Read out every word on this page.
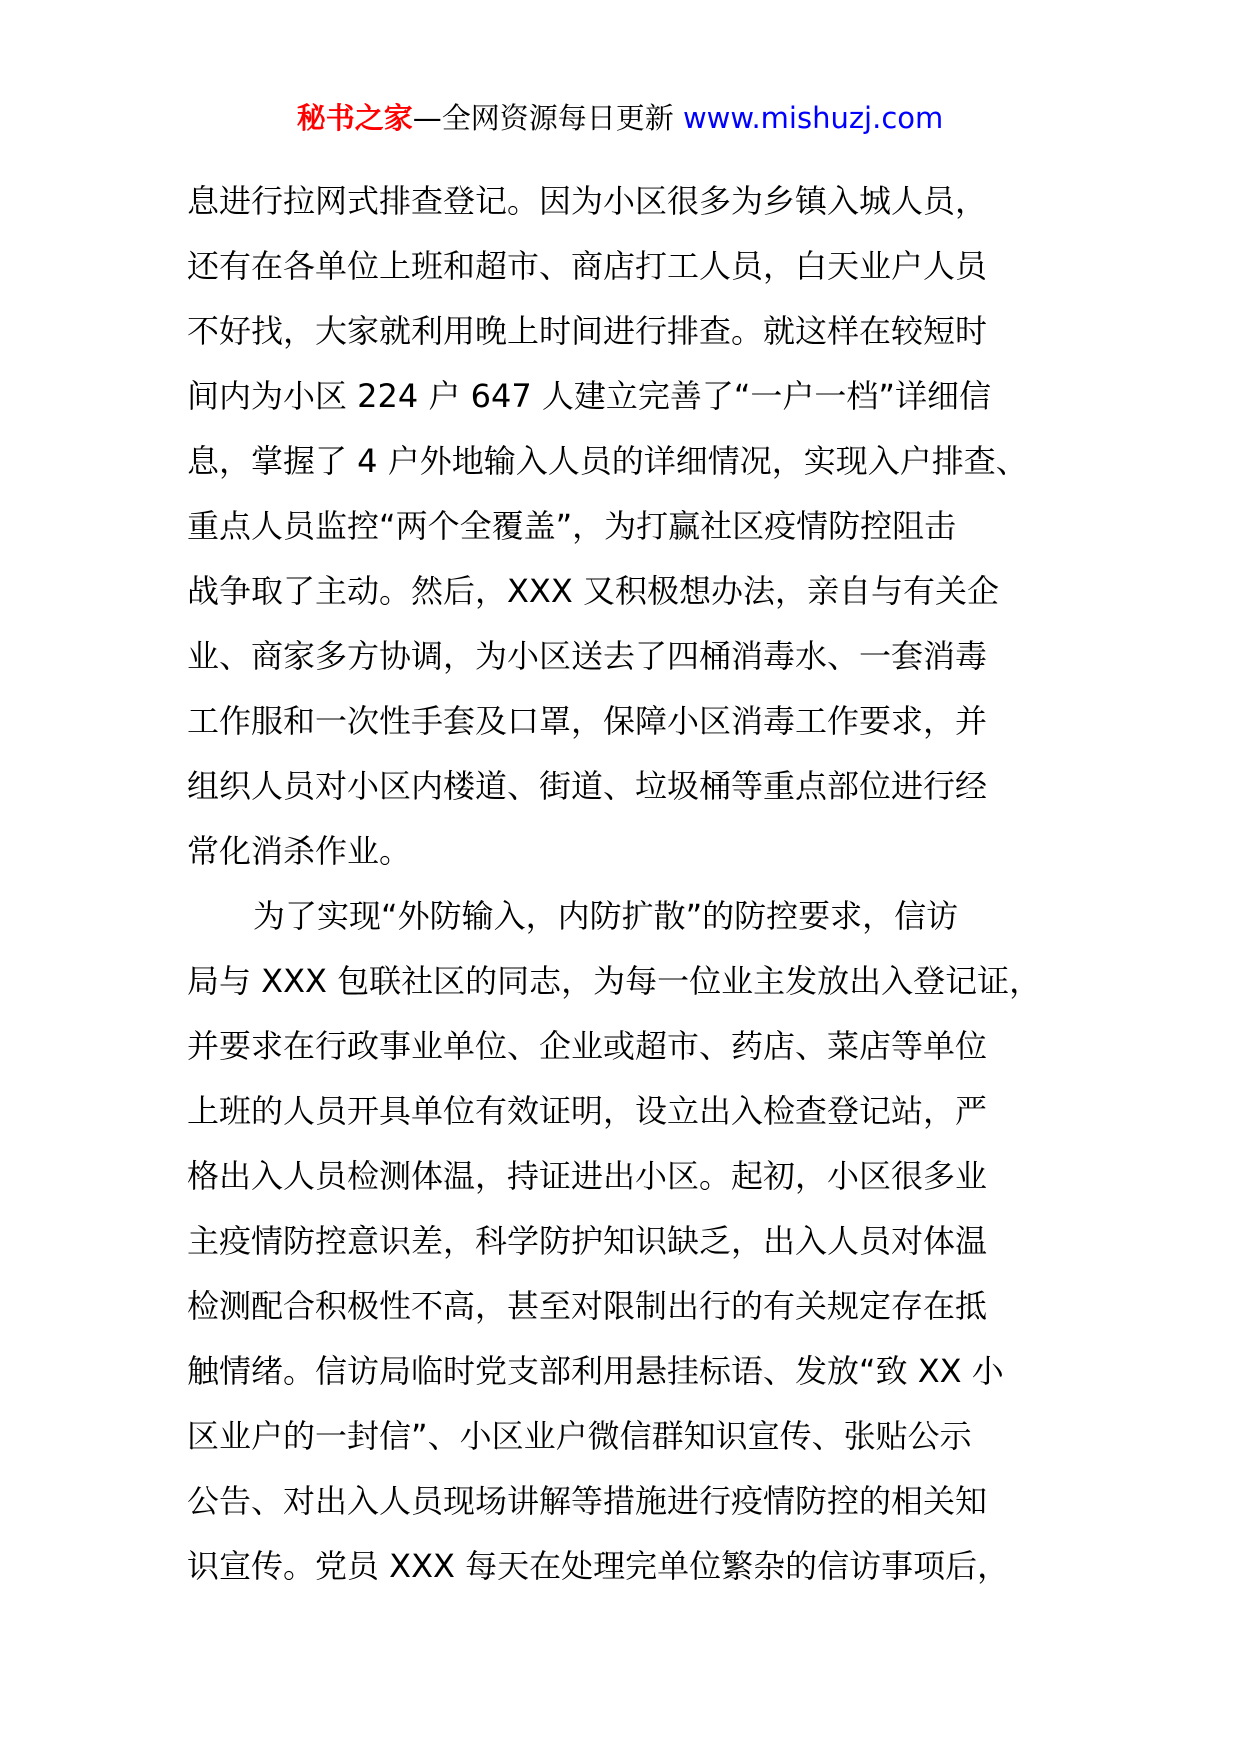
秘书之家—全网资源每日更新 www.mishuzj.com
息进行拉网式排查登记。因为小区很多为乡镇入城人员，
还有在各单位上班和超市、商店打工人员，白天业户人员
不好找，大家就利用晚上时间进行排查。就这样在较短时
间内为小区 224 户 647 人建立完善了“一户一档”详细信
息，掌握了 4 户外地输入人员的详细情况，实现入户排查、
重点人员监控“两个全覆盖”，为打赢社区疫情防控阻击
战争取了主动。然后，XXX 又积极想办法，亲自与有关企
业、商家多方协调，为小区送去了四桶消毒水、一套消毒
工作服和一次性手套及口罩，保障小区消毒工作要求，并
组织人员对小区内楼道、街道、垃圾桶等重点部位进行经
常化消杀作业。
为了实现“外防输入，内防扩散”的防控要求，信访
局与 XXX 包联社区的同志，为每一位业主发放出入登记证，
并要求在行政事业单位、企业或超市、药店、菜店等单位
上班的人员开具单位有效证明，设立出入检查登记站，严
格出入人员检测体温，持证进出小区。起初，小区很多业
主疫情防控意识差，科学防护知识缺乏，出入人员对体温
检测配合积极性不高，甚至对限制出行的有关规定存在抵
触情绪。信访局临时党支部利用悬挂标语、发放“致 XX 小
区业户的一封信”、小区业户微信群知识宣传、张贴公示
公告、对出入人员现场讲解等措施进行疫情防控的相关知
识宣传。党员 XXX 每天在处理完单位繁杂的信访事项后，
